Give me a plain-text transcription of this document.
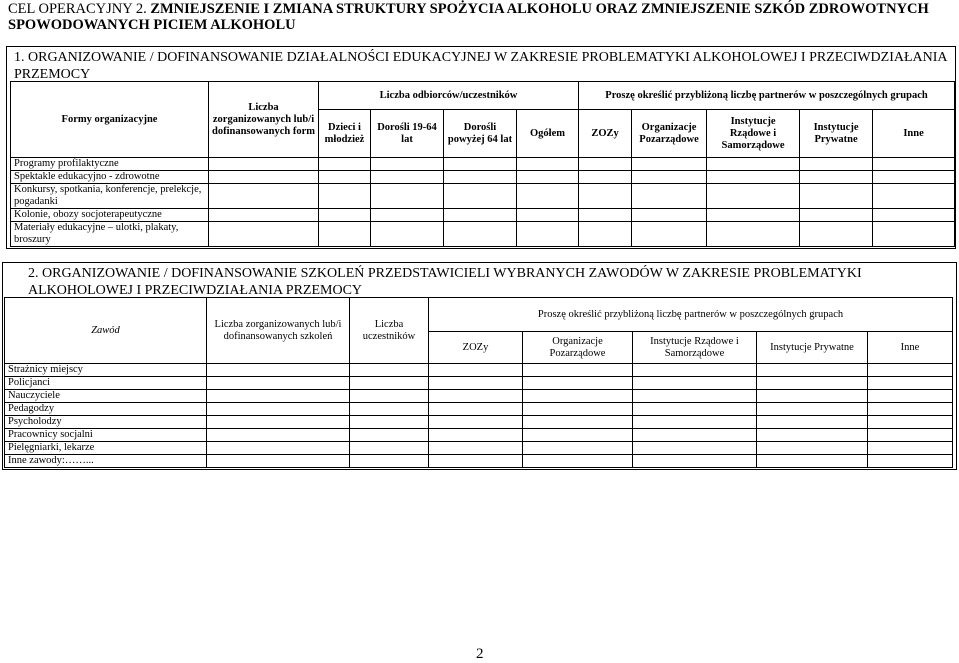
CEL OPERACYJNY 2. ZMNIEJSZENIE I ZMIANA STRUKTURY SPOŻYCIA ALKOHOLU ORAZ ZMNIEJSZENIE SZKÓD ZDROWOTNYCH SPOWODOWANYCH PICIEM ALKOHOLU
1. ORGANIZOWANIE / DOFINANSOWANIE DZIAŁALNOŚCI EDUKACYJNEJ W ZAKRESIE PROBLEMATYKI ALKOHOLOWEJ I PRZECIWDZIAŁANIA PRZEMOCY
Formy organizacyjne	Liczba zorganizowanych lub/i dofinansowanych form	Liczba odbiorców/uczestników				Proszę określić przybliżoną liczbę partnerów w poszczególnych grupach				
		Dzieci i młodzież	Dorośli 19-64 lat	Dorośli powyżej 64 lat	Ogółem	ZOZy	Organizacje Pozarządowe	Instytucje Rządowe i Samorządowe	Instytucje Prywatne	Inne
Programy profilaktyczne										
Spektakle edukacyjno - zdrowotne										
Konkursy, spotkania, konferencje, prelekcje, pogadanki										
Kolonie, obozy socjoterapeutyczne										
Materiały edukacyjne – ulotki, plakaty, broszury										
2. ORGANIZOWANIE / DOFINANSOWANIE SZKOLEŃ PRZEDSTAWICIELI WYBRANYCH ZAWODÓW W ZAKRESIE PROBLEMATYKI ALKOHOLOWEJ I PRZECIWDZIAŁANIA PRZEMOCY
Zawód	Liczba zorganizowanych lub/i dofinansowanych szkoleń	Liczba uczestników	Proszę określić przybliżoną liczbę partnerów w poszczególnych grupach				
			ZOZy	Organizacje Pozarządowe	Instytucje Rządowe i Samorządowe	Instytucje Prywatne	Inne
Strażnicy miejscy							
Policjanci							
Nauczyciele							
Pedagodzy							
Psycholodzy							
Pracownicy socjalni							
Pielęgniarki, lekarze							
Inne zawody:……...							
2
